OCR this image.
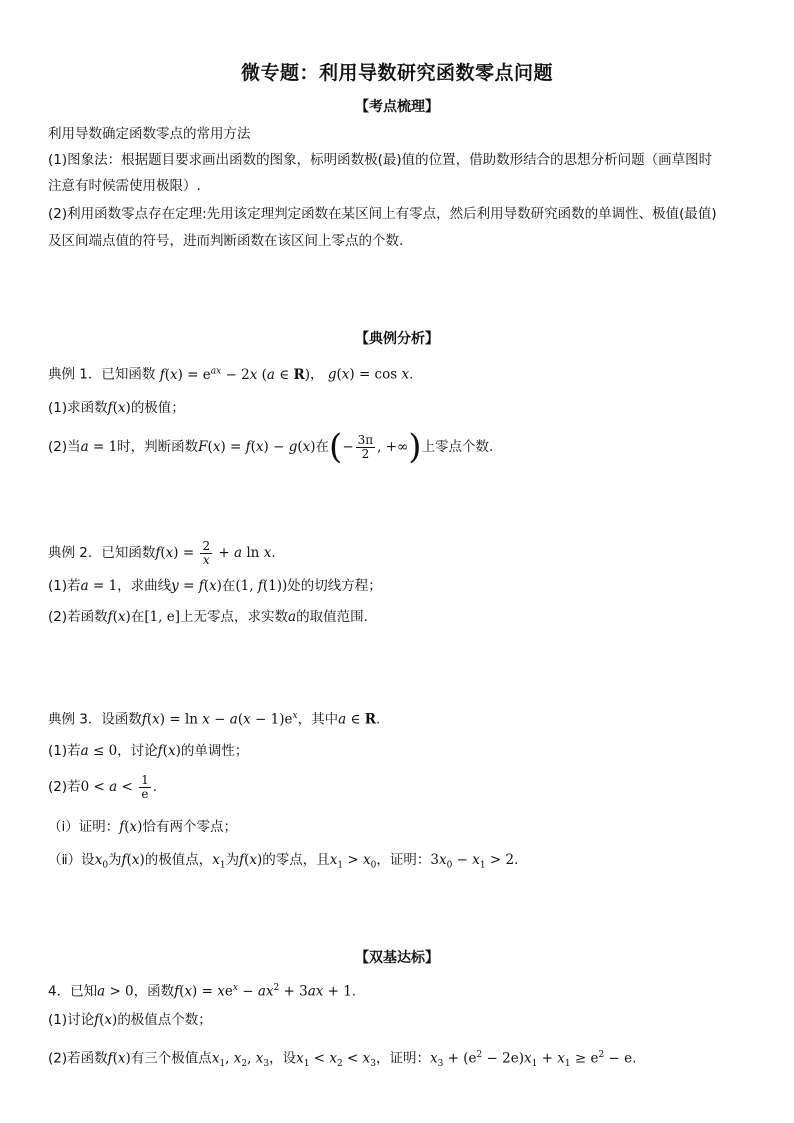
微专题：利用导数研究函数零点问题
【考点梳理】
利用导数确定函数零点的常用方法
(1)图象法：根据题目要求画出函数的图象，标明函数极(最)值的位置，借助数形结合的思想分析问题（画草图时
注意有时候需使用极限）.
(2)利用函数零点存在定理:先用该定理判定函数在某区间上有零点，然后利用导数研究函数的单调性、极值(最值)
及区间端点值的符号，进而判断函数在该区间上零点的个数.
【典例分析】
典例 1．已知函数 $f(x) = e^{ax} - 2x$ (a ∈ R)， g(x) = cos x.
(1)求函数f(x)的极值；
(2)当a = 1时，判断函数F(x) = f(x) − g(x)在(− $\frac{3\pi}{2}$ , +∞)上零点个数.
典例 2．已知函数$f(x) = \frac{2}{x} + a$ ln x.
(1)若a = 1，求曲线y = f(x)在(1, f(1))处的切线方程；
(2)若函数f(x)在[1, e]上无零点，求实数a的取值范围.
典例 3．设函数$f(x) = \ln x - a(x - 1)e^x$，其中a ∈ R.
(1)若a ≤ 0，讨论f(x)的单调性；
(2)若$0 < a < \frac{1}{e}$ .
（ⅰ）证明：f(x)恰有两个零点；
（ⅱ）设$x_0$为f(x)的极值点，$x_1$为f(x)的零点，且$x_1 > x_0$，证明：$3x_0 - x_1 > 2$.
【双基达标】
4．已知a > 0，函数$f(x) = xe^x - ax^2 + 3ax + 1$.
(1)讨论f(x)的极值点个数；
(2)若函数f(x)有三个极值点$x_1$, $x_2$, $x_3$，设$x_1 < x_2 < x_3$，证明：$x_3 + (e^2 - 2e)x_1 + x_1 \ge e^2 - e$.
